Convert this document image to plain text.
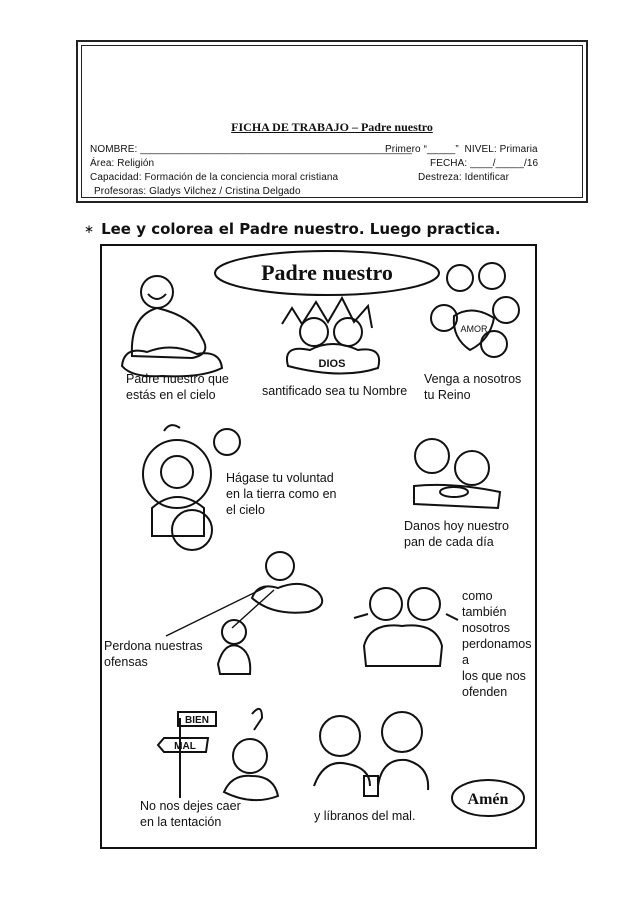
FICHA DE TRABAJO – Padre nuestro
NOMBRE: ________________________________________________
Primero “_____”  NIVEL: Primaria
Área: Religión	FECHA: ____/_____/16
Capacidad: Formación de la conciencia moral cristiana	Destreza: Identificar
Profesoras: Gladys Vilchez / Cristina Delgado
∗ Lee y colorea el Padre nuestro. Luego practica.
Padre nuestro
DIOS
AMOR
BIEN
MAL
Amén
Padre nuestro que
estás en el cielo	santificado sea tu Nombre
Venga a nosotros
tu Reino
Hágase tu voluntad
en la tierra como en
el cielo
Danos hoy nuestro
pan de cada día
Perdona nuestras
ofensas
como también
nosotros
perdonamos a
los que nos
ofenden
No nos dejes caer
en la tentación	y líbranos del mal.
